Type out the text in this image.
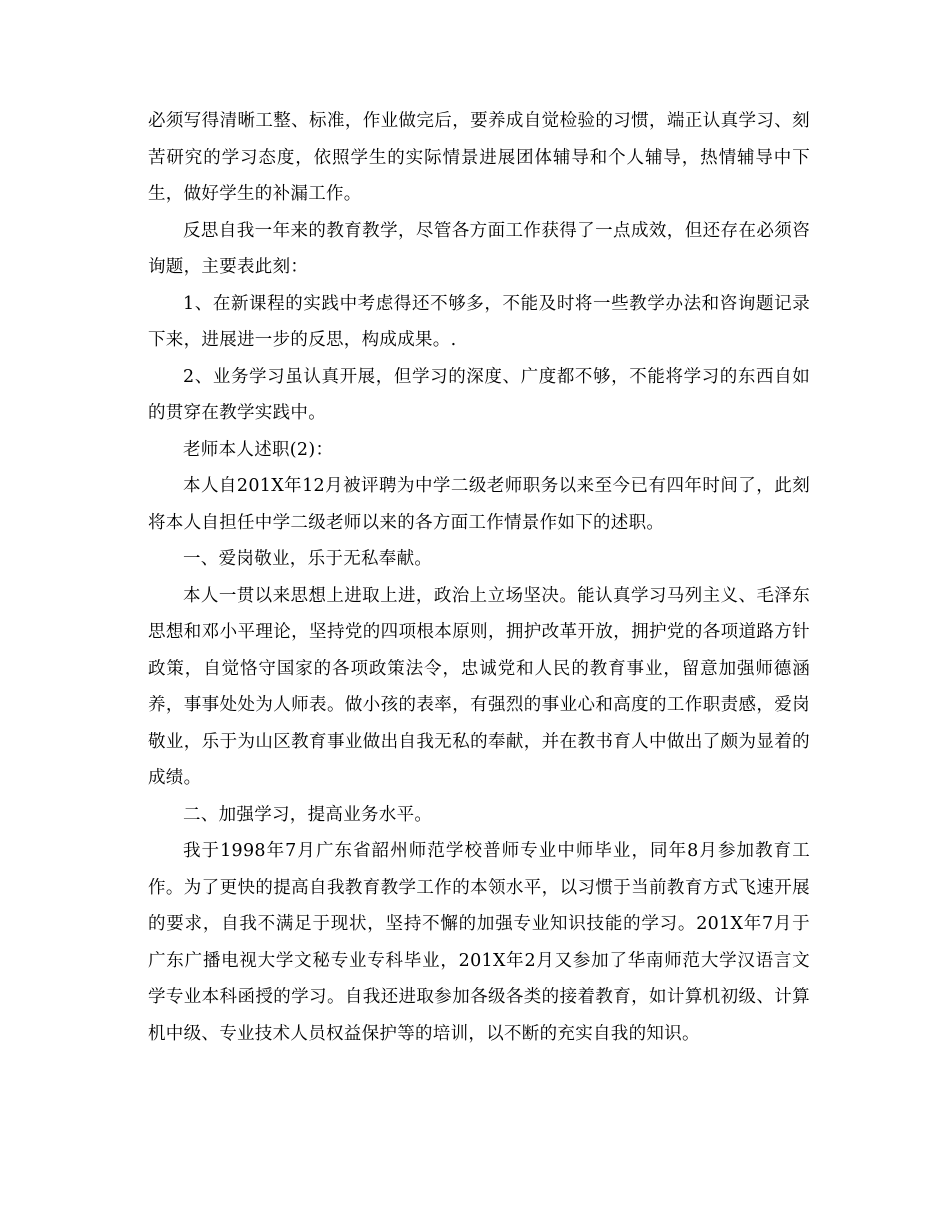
必须写得清晰工整、标准，作业做完后，要养成自觉检验的习惯，端正认真学习、刻苦研究的学习态度，依照学生的实际情景进展团体辅导和个人辅导，热情辅导中下生，做好学生的补漏工作。

反思自我一年来的教育教学，尽管各方面工作获得了一点成效，但还存在必须咨询题，主要表此刻：

1、在新课程的实践中考虑得还不够多，不能及时将一些教学办法和咨询题记录下来，进展进一步的反思，构成成果。.

2、业务学习虽认真开展，但学习的深度、广度都不够，不能将学习的东西自如的贯穿在教学实践中。

老师本人述职(2)：

本人自201X年12月被评聘为中学二级老师职务以来至今已有四年时间了，此刻将本人自担任中学二级老师以来的各方面工作情景作如下的述职。

一、爱岗敬业，乐于无私奉献。

本人一贯以来思想上进取上进，政治上立场坚决。能认真学习马列主义、毛泽东思想和邓小平理论，坚持党的四项根本原则，拥护改革开放，拥护党的各项道路方针政策，自觉恪守国家的各项政策法令，忠诚党和人民的教育事业，留意加强师德涵养，事事处处为人师表。做小孩的表率，有强烈的事业心和高度的工作职责感，爱岗敬业，乐于为山区教育事业做出自我无私的奉献，并在教书育人中做出了颇为显着的成绩。

二、加强学习，提高业务水平。

我于1998年7月广东省韶州师范学校普师专业中师毕业，同年8月参加教育工作。为了更快的提高自我教育教学工作的本领水平，以习惯于当前教育方式飞速开展的要求，自我不满足于现状，坚持不懈的加强专业知识技能的学习。201X年7月于广东广播电视大学文秘专业专科毕业，201X年2月又参加了华南师范大学汉语言文学专业本科函授的学习。自我还进取参加各级各类的接着教育，如计算机初级、计算机中级、专业技术人员权益保护等的培训，以不断的充实自我的知识。
